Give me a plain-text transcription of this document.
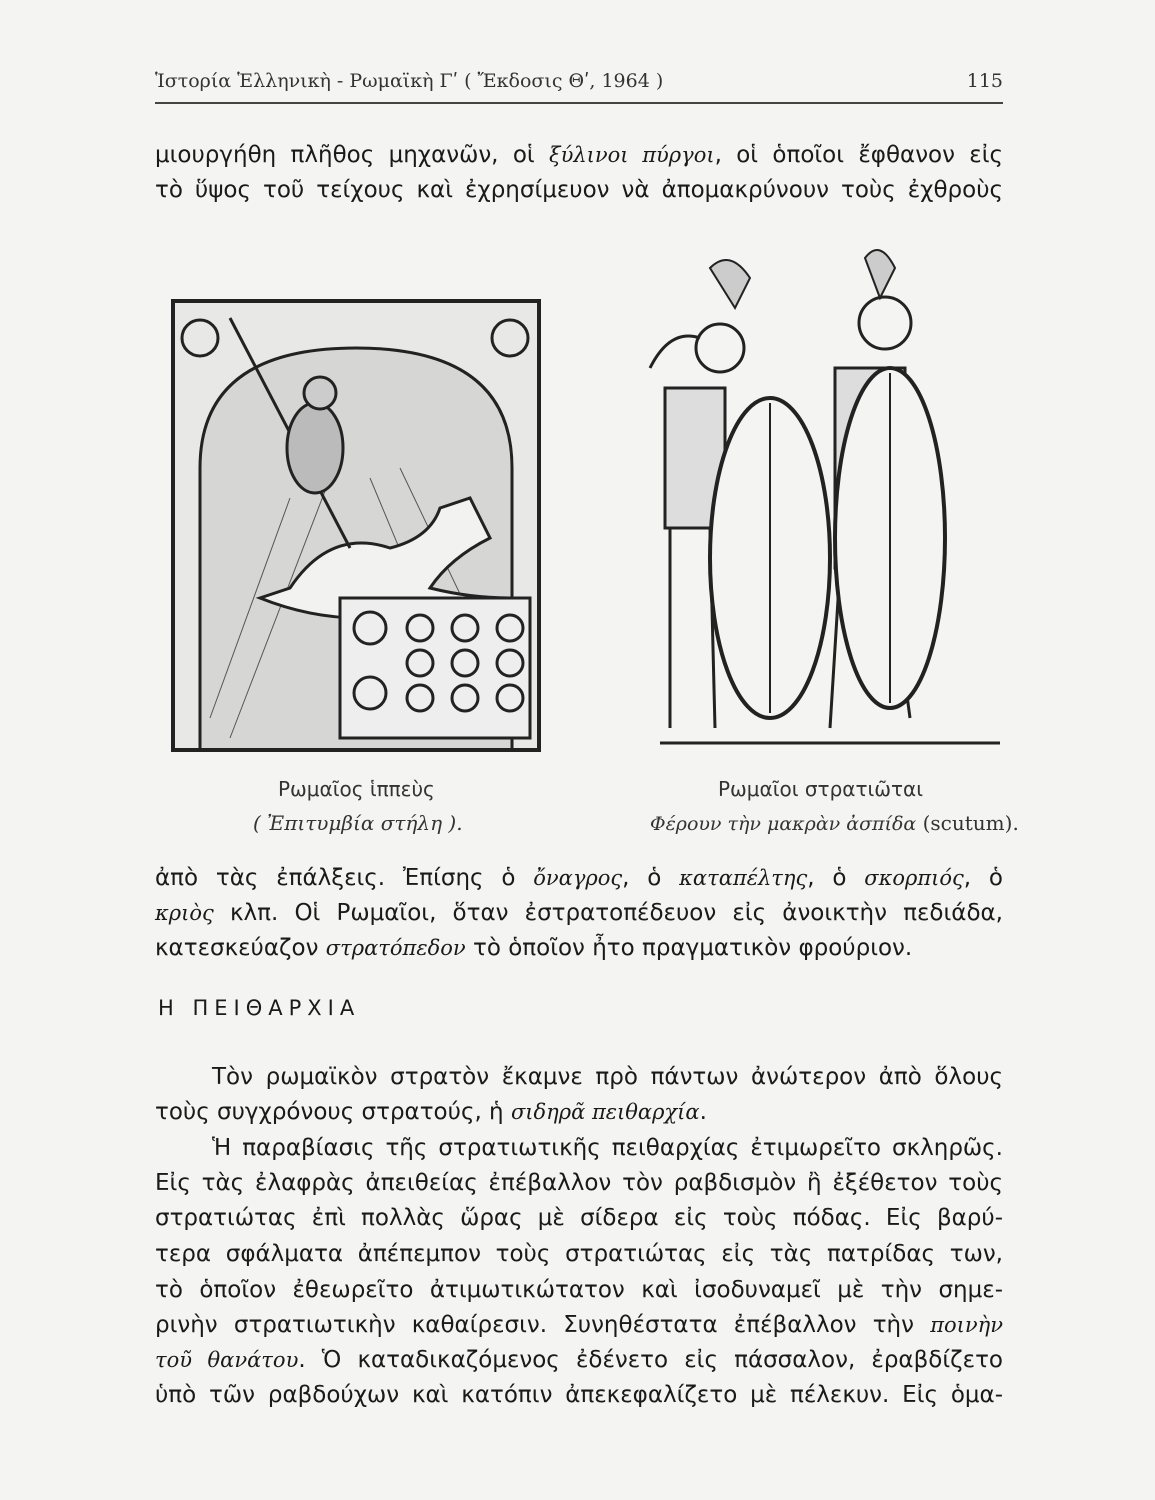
Ἱστορία Ἑλληνικὴ - Ρωμαϊκὴ Γʹ ( Ἔκδοσις Θʹ, 1964 )	115
μιουργήθη πλῆθος μηχανῶν, οἱ ξύλινοι πύργοι, οἱ ὁποῖοι ἔφθανον εἰς
τὸ ὕψος τοῦ τείχους καὶ ἐχρησίμευον νὰ ἀπομακρύνουν τοὺς ἐχθροὺς
Ρωμαῖος ἱππεὺς
( Ἐπιτυμβία στήλη ).
Ρωμαῖοι στρατιῶται
Φέρουν τὴν μακρὰν ἀσπίδα (scutum).
ἀπὸ τὰς ἐπάλξεις. Ἐπίσης ὁ ὄναγρος, ὁ καταπέλτης, ὁ σκορπιός, ὁ
κριὸς κλπ. Οἱ Ρωμαῖοι, ὅταν ἐστρατοπέδευον εἰς ἀνοικτὴν πεδιάδα,
κατεσκεύαζον στρατόπεδον τὸ ὁποῖον ἦτο πραγματικὸν φρούριον.
Η ΠΕΙΘΑΡΧΙΑ
Τὸν ρωμαϊκὸν στρατὸν ἔκαμνε πρὸ πάντων ἀνώτερον ἀπὸ ὅλους
τοὺς συγχρόνους στρατούς, ἡ σιδηρᾶ πειθαρχία.
Ἡ παραβίασις τῆς στρατιωτικῆς πειθαρχίας ἐτιμωρεῖτο σκληρῶς.
Εἰς τὰς ἐλαφρὰς ἀπειθείας ἐπέβαλλον τὸν ραβδισμὸν ἢ ἐξέθετον τοὺς
στρατιώτας ἐπὶ πολλὰς ὥρας μὲ σίδερα εἰς τοὺς πόδας. Εἰς βαρύ-
τερα σφάλματα ἀπέπεμπον τοὺς στρατιώτας εἰς τὰς πατρίδας των,
τὸ ὁποῖον ἐθεωρεῖτο ἀτιμωτικώτατον καὶ ἰσοδυναμεῖ μὲ τὴν σημε-
ρινὴν στρατιωτικὴν καθαίρεσιν. Συνηθέστατα ἐπέβαλλον τὴν ποινὴν
τοῦ θανάτου. Ὁ καταδικαζόμενος ἐδένετο εἰς πάσσαλον, ἐραβδίζετο
ὑπὸ τῶν ραβδούχων καὶ κατόπιν ἀπεκεφαλίζετο μὲ πέλεκυν. Εἰς ὁμα-
